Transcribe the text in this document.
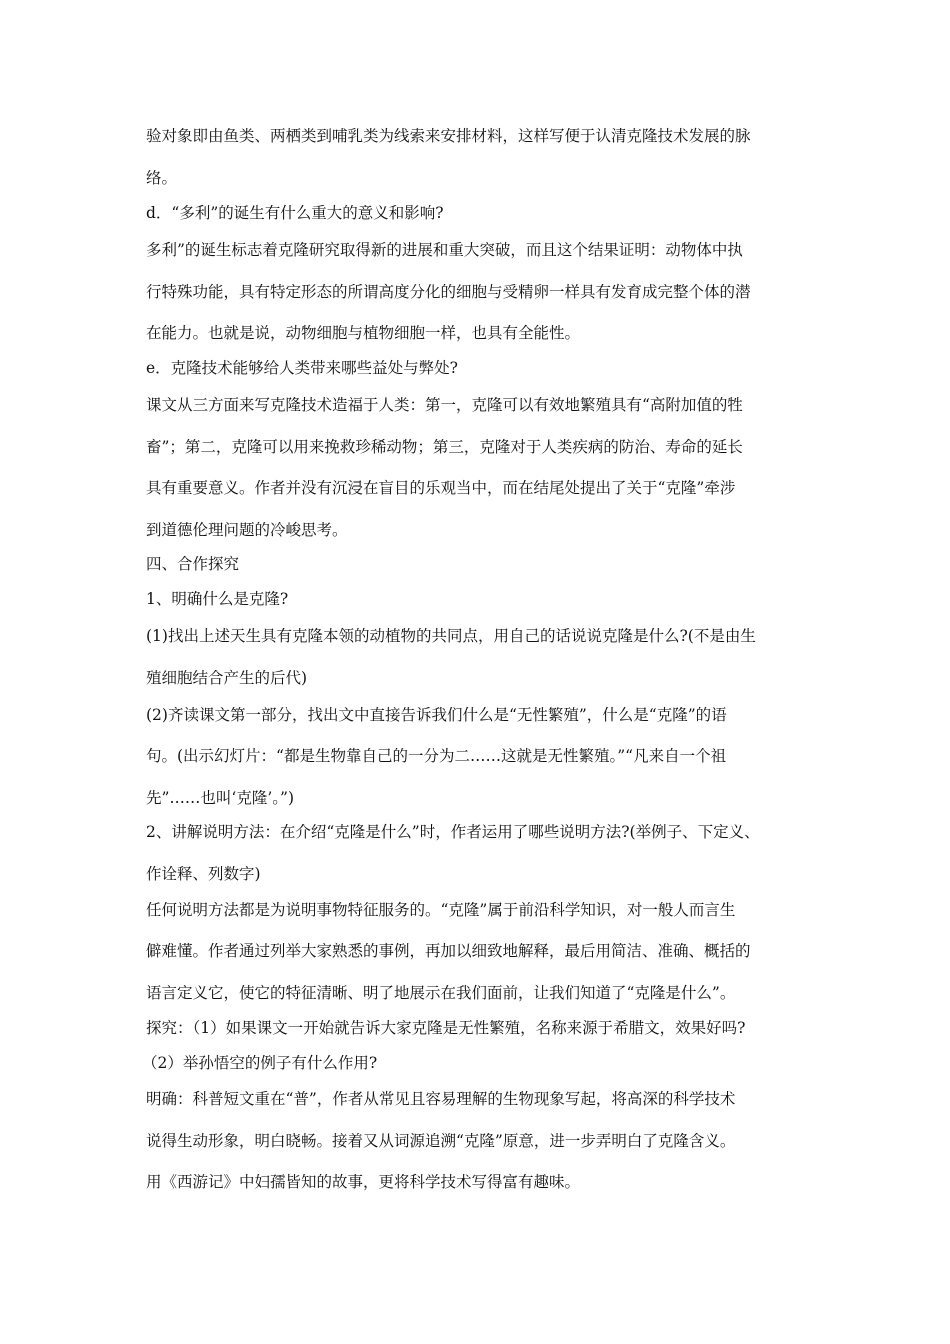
验对象即由鱼类、两栖类到哺乳类为线索来安排材料，这样写便于认清克隆技术发展的脉
络。
d．“多利”的诞生有什么重大的意义和影响?
多利”的诞生标志着克隆研究取得新的进展和重大突破，而且这个结果证明：动物体中执
行特殊功能，具有特定形态的所谓高度分化的细胞与受精卵一样具有发育成完整个体的潜
在能力。也就是说，动物细胞与植物细胞一样，也具有全能性。
e．克隆技术能够给人类带来哪些益处与弊处?
课文从三方面来写克隆技术造福于人类：第一，克隆可以有效地繁殖具有“高附加值的牲
畜”；第二，克隆可以用来挽救珍稀动物；第三，克隆对于人类疾病的防治、寿命的延长
具有重要意义。作者并没有沉浸在盲目的乐观当中，而在结尾处提出了关于“克隆”牵涉
到道德伦理问题的冷峻思考。
四、合作探究
1、明确什么是克隆?
(1)找出上述天生具有克隆本领的动植物的共同点，用自己的话说说克隆是什么?(不是由生
殖细胞结合产生的后代)
(2)齐读课文第一部分，找出文中直接告诉我们什么是“无性繁殖”，什么是“克隆”的语
句。(出示幻灯片：“都是生物靠自己的一分为二……这就是无性繁殖。”“凡来自一个祖
先”……也叫‘克隆’。”)
2、讲解说明方法：在介绍“克隆是什么”时，作者运用了哪些说明方法?(举例子、下定义、
作诠释、列数字)
任何说明方法都是为说明事物特征服务的。“克隆”属于前沿科学知识，对一般人而言生
僻难懂。作者通过列举大家熟悉的事例，再加以细致地解释，最后用简洁、准确、概括的
语言定义它，使它的特征清晰、明了地展示在我们面前，让我们知道了“克隆是什么”。
探究：（1）如果课文一开始就告诉大家克隆是无性繁殖，名称来源于希腊文，效果好吗?
（2）举孙悟空的例子有什么作用?
明确：科普短文重在“普”，作者从常见且容易理解的生物现象写起，将高深的科学技术
说得生动形象，明白晓畅。接着又从词源追溯“克隆”原意，进一步弄明白了克隆含义。
用《西游记》中妇孺皆知的故事，更将科学技术写得富有趣味。
